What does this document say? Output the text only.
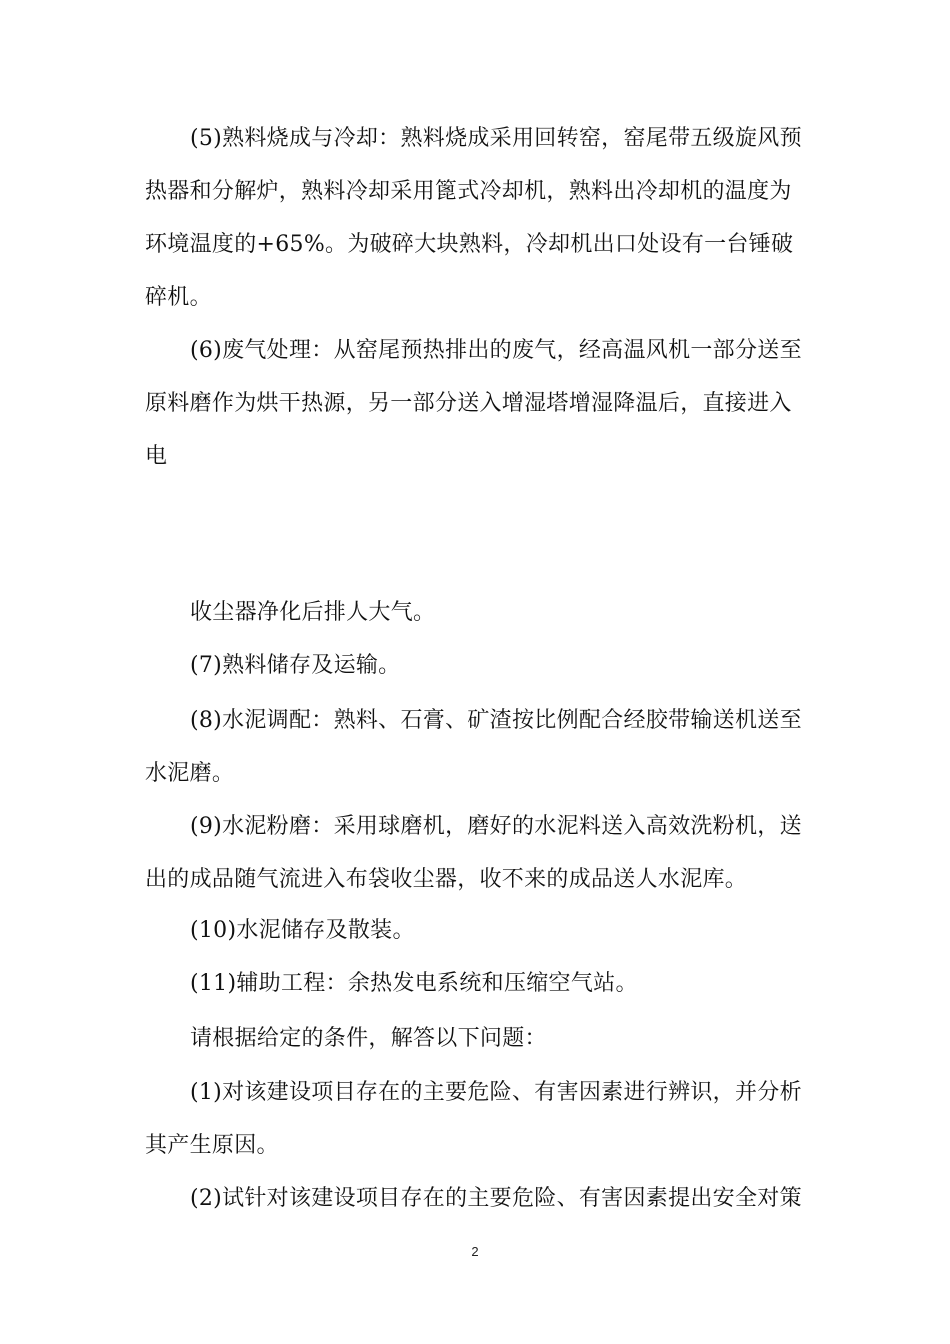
(5)熟料烧成与冷却：熟料烧成采用回转窑，窑尾带五级旋风预热器和分解炉，熟料冷却采用篦式冷却机，熟料出冷却机的温度为环境温度的+65%。为破碎大块熟料，冷却机出口处设有一台锤破碎机。

(6)废气处理：从窑尾预热排出的废气，经高温风机一部分送至原料磨作为烘干热源，另一部分送入增湿塔增湿降温后，直接进入电

收尘器净化后排人大气。

(7)熟料储存及运输。

(8)水泥调配：熟料、石膏、矿渣按比例配合经胶带输送机送至水泥磨。

(9)水泥粉磨：采用球磨机，磨好的水泥料送入高效洗粉机，送出的成品随气流进入布袋收尘器，收不来的成品送人水泥库。

(10)水泥储存及散装。

(11)辅助工程：余热发电系统和压缩空气站。

请根据给定的条件，解答以下问题：

(1)对该建设项目存在的主要危险、有害因素进行辨识，并分析其产生原因。

(2)试针对该建设项目存在的主要危险、有害因素提出安全对策

2
